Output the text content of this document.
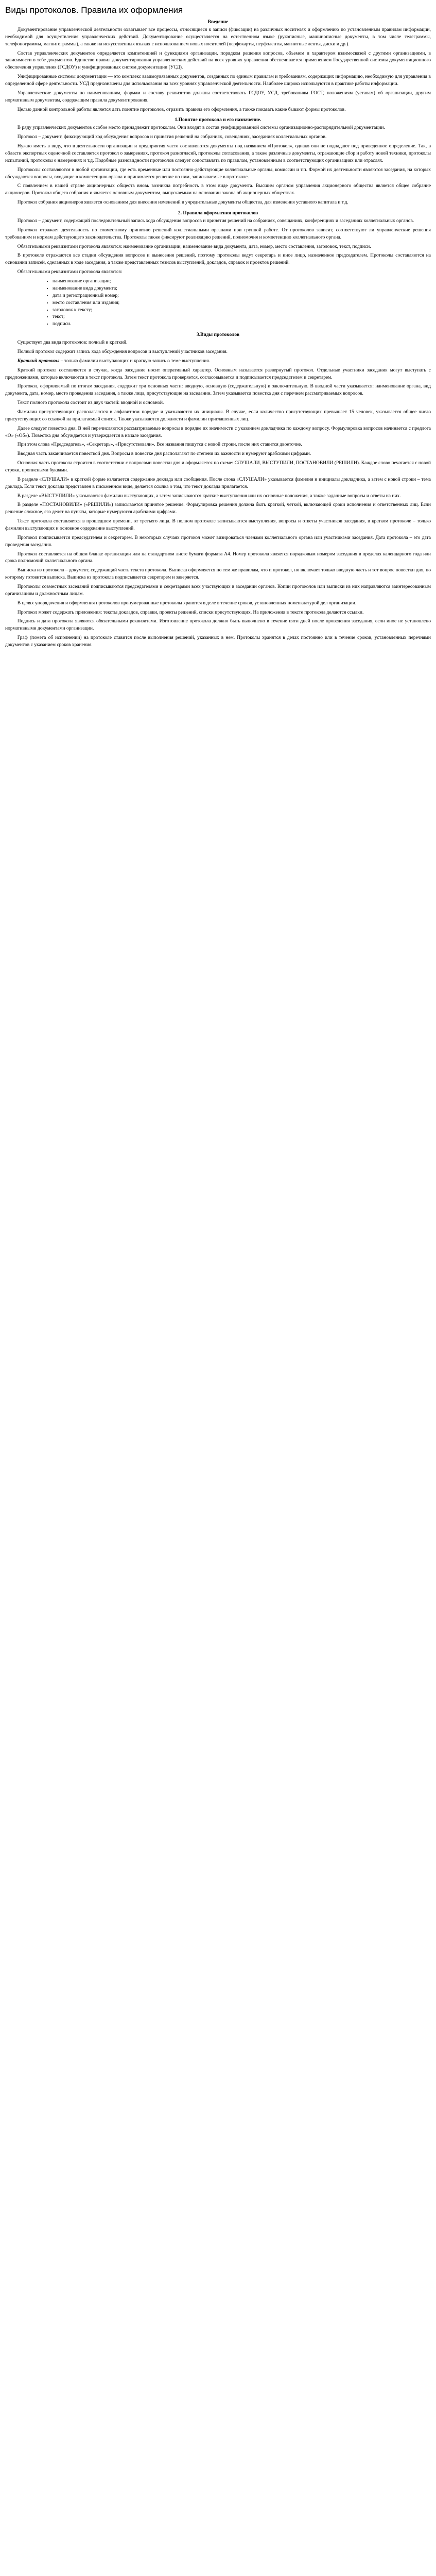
Виды протоколов. Правила их оформления
Введение

Документирование управленческой деятельности охватывает все процессы, относящиеся к записи (фиксации) на различных носителях и оформлению по установленным правилам информации, необходимой для осуществления управленческих действий. Документирование осуществляется на естественном языке (рукописные, машинописные документы, в том числе телеграммы, телефонограммы, магнитограммы), а также на искусственных языках с использованием новых носителей (перфокарты, перфоленты, магнитные ленты, диски и др.).

Состав управленческих документов определяется компетенцией и функциями организации, порядком решения вопросов, объемом и характером взаимосвязей с другими организациями, в зависимости в тебе документов. Единство правил документирования управленческих действий на всех уровнях управления обеспечивается применением Государственной системы документационного обеспечения управления (ГСДОУ) и унифицированных систем документации (УСД).

Унифицированные системы документации — это комплекс взаимоувязанных документов, созданных по единым правилам и требованиям, содержащих информацию, необходимую для управления в определенной сфере деятельности. УСД предназначены для использования на всех уровнях управленческой деятельности. Наиболее широко используются в практике работы информации.

Управленческие документы по наименованиям, формам и составу реквизитов должны соответствовать ГСДОУ, УСД, требованиям ГОСТ, положениям (уставам) об организации, другим нормативным документам, содержащим правила документирования.

Целью данной контрольной работы является дать понятие протоколов, отразить правила его оформления, а также показать какие бывают формы протоколов.

1.Понятие протокола и его назначение.

В ряду управленческих документов особое место принадлежит протоколам. Они входят в состав унифицированной системы организационно-распорядительной документации.

Протокол – документ, фиксирующий ход обсуждения вопросов и принятия решений на собраниях, совещаниях, заседаниях коллегиальных органов.

Нужно иметь в виду, что в деятельности организации и предприятия часто составляются документы под названием «Протокол», однако они не подпадают под приведенное определение. Так, в области экспертных оценочной составляется протокол о замерениях, протокол разногласий, протоколы согласования, а также различные документы, отражающие сбор и работу новой техники, протоколы испытаний, протоколы о намерениях и т.д. Подобные разновидности протоколов следует сопоставлять по правилам, установленным в соответствующих организациях или отраслях.

Протоколы составляются в любой организации, где есть временные или постоянно-действующие коллегиальные органы, комиссии и т.п. Формой их деятельности являются заседания, на которых обсуждаются вопросы, входящие в компетенцию органа и принимается решение по ним, записываемые в протоколе.

С появлением в нашей стране акционерных обществ вновь возникла потребность в этом виде документа. Высшим органом управления акционерного общества является общее собрание акционеров. Протокол общего собрания и является основным документом, выпускаемым на основании закона об акционерных обществах.

Протокол собрания акционеров является основанием для внесения изменений в учредительные документы общества, для изменения уставного капитала и т.д.

2. Правила оформления протоколов

Протокол – документ, содержащий последовательный запись хода обсуждения вопросов и принятия решений на собраниях, совещаниях, конференциях и заседаниях коллегиальных органов.

Протокол отражает деятельность по совместному принятию решений коллегиальными органами при группой работе. От протоколов зависит, соответствуют ли управленческие решения требованиям и нормам действующего законодательства. Протоколы также фиксируют реализацию решений, полномочия и компетенцию коллегиального органа.

Обязательными реквизитами протокола являются: наименование организации, наименование вида документа, дата, номер, место составления, заголовок, текст, подписи.

В протоколе отражаются все стадии обсуждения вопросов и вынесения решений, поэтому протоколы ведут секретарь и иное лицо, назначенное председателем. Протоколы составляются на основании записей, сделанных в ходе заседания, а также представленных тезисов выступлений, докладов, справок и проектов решений.

Обязательными реквизитами протокола являются:

• наименование организации;
• наименование вида документа;
• дата и регистрационный номер;
• место составления или издания;
• заголовок к тексту;
• текст;
• подписи.
3.Виды протоколов

Существует два вида протоколов: полный и краткий.

Полный протокол содержит запись хода обсуждения вопросов и выступлений участников заседания.

Краткий протокол – только фамилии выступающих и краткую запись о теме выступления.

Краткий протокол составляется в случае, когда заседание носит оперативный характер. Основным называется развернутый протокол. Отдельные участники заседания могут выступать с предложениями, которые включаются в текст протокола. Затем текст протокола проверяется, согласовывается и подписывается председателем и секретарем.

Протокол, оформляемый по итогам заседания, содержит три основных части: вводную, основную (содержательную) и заключительную. В вводной части указывается: наименование органа, вид документа, дата, номер, место проведения заседания, а также лица, присутствующие на заседании. Затем указывается повестка дня с перечнем рассматриваемых вопросов.

Текст полного протокола состоит из двух частей: вводной и основной.

Фамилии присутствующих располагаются в алфавитном порядке и указываются их инициалы. В случае, если количество присутствующих превышает 15 человек, указывается общее число присутствующих со ссылкой на прилагаемый список. Также указываются должности и фамилии приглашенных лиц.

Далее следует повестка дня. В ней перечисляются рассматриваемые вопросы в порядке их значимости с указанием докладчика по каждому вопросу. Формулировка вопросов начинается с предлога «О» («Об»). Повестка дня обсуждается и утверждается в начале заседания.

При этом слова «Председатель», «Секретарь», «Присутствовали». Все названия пишутся с новой строки, после них ставится двоеточие.

Вводная часть заканчивается повесткой дня. Вопросы в повестке дня располагают по степени их важности и нумеруют арабскими цифрами.

Основная часть протокола строится в соответствии с вопросами повестки дня и оформляется по схеме: СЛУШАЛИ, ВЫСТУПИЛИ, ПОСТАНОВИЛИ (РЕШИЛИ). Каждое слово печатается с новой строки, прописными буквами.

В разделе «СЛУШАЛИ» в краткой форме излагается содержание доклада или сообщения. После слова «СЛУШАЛИ» указывается фамилия и инициалы докладчика, а затем с новой строки – тема доклада. Если текст доклада представлен в письменном виде, делается ссылка о том, что текст доклада прилагается.

В разделе «ВЫСТУПИЛИ» указываются фамилии выступающих, а затем записываются краткие выступления или их основные положения, а также заданные вопросы и ответы на них.

В разделе «ПОСТАНОВИЛИ» («РЕШИЛИ») записывается принятое решение. Формулировка решения должна быть краткой, четкой, включающей сроки исполнения и ответственных лиц. Если решение сложное, его делят на пункты, которые нумеруются арабскими цифрами.

Текст протокола составляется в прошедшем времени, от третьего лица. В полном протоколе записываются выступления, вопросы и ответы участников заседания, в кратком протоколе – только фамилии выступающих и основное содержание выступлений.

Протокол подписывается председателем и секретарем. В некоторых случаях протокол может визироваться членами коллегиального органа или участниками заседания. Дата протокола – это дата проведения заседания.

Протокол составляется на общем бланке организации или на стандартном листе бумаги формата А4. Номер протокола является порядковым номером заседания в пределах календарного года или срока полномочий коллегиального органа.

Выписка из протокола – документ, содержащий часть текста протокола. Выписка оформляется по тем же правилам, что и протокол, но включает только вводную часть и тот вопрос повестки дня, по которому готовится выписка. Выписка из протокола подписывается секретарем и заверяется.

Протоколы совместных заседаний подписываются председателями и секретарями всех участвующих в заседании органов. Копии протоколов или выписки из них направляются заинтересованным организациям и должностным лицам.

В целях упорядочения и оформления протоколов пронумерованные протоколы хранятся в деле в течение сроков, установленных номенклатурой дел организации.

Протокол может содержать приложения: тексты докладов, справки, проекты решений, списки присутствующих. На приложения в тексте протокола делаются ссылки.

Подпись и дата протокола являются обязательными реквизитами. Изготовление протокола должно быть выполнено в течение пяти дней после проведения заседания, если иное не установлено нормативными документами организации.

Граф (помета об исполнении) на протоколе ставится после выполнения решений, указанных в нем. Протоколы хранятся в делах постоянно или в течение сроков, установленных перечнями документов с указанием сроков хранения.
